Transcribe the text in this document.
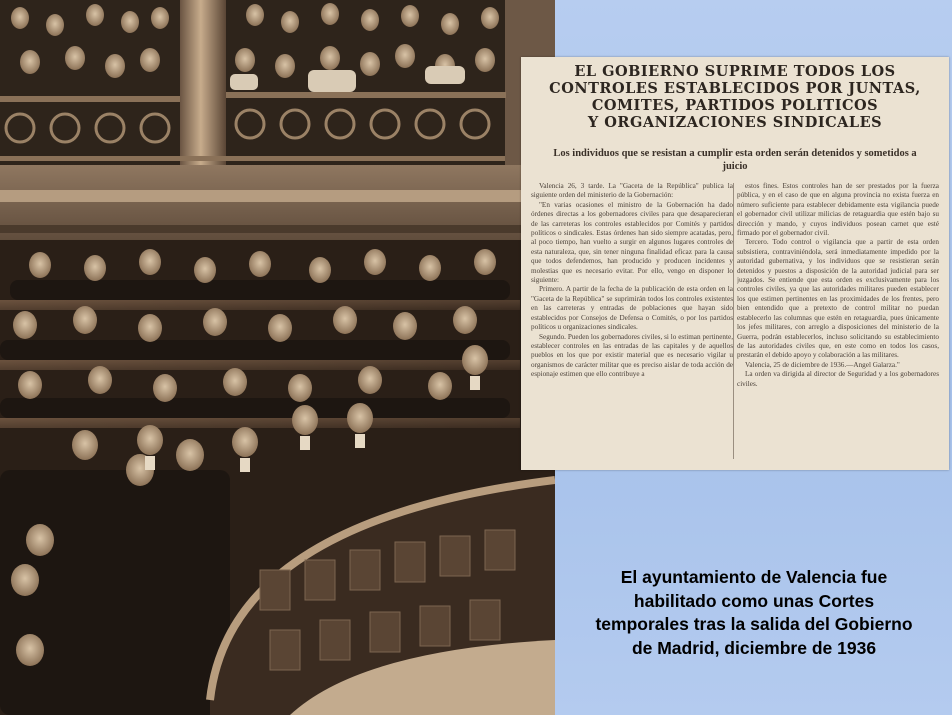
EL GOBIERNO SUPRIME TODOS LOS
CONTROLES ESTABLECIDOS POR JUNTAS,
COMITES, PARTIDOS POLITICOS
Y ORGANIZACIONES SINDICALES
Los individuos que se resistan a cumplir esta orden serán detenidos y sometidos a juicio

Valencia 26, 3 tarde. La "Gaceta de la República" publica la siguiente orden del ministerio de la Gobernación:

"En varias ocasiones el ministro de la Gobernación ha dado órdenes directas a los gobernadores civiles para que desaparecieran de las carreteras los controles establecidos por Comités y partidos políticos o sindicales. Estas órdenes han sido siempre acatadas, pero, al poco tiempo, han vuelto a surgir en algunos lugares controles de esta naturaleza, que, sin tener ninguna finalidad eficaz para la causa que todos defendemos, han producido y producen incidentes y molestias que es necesario evitar. Por ello, vengo en disponer lo siguiente:

Primero. A partir de la fecha de la publicación de esta orden en la "Gaceta de la República" se suprimirán todos los controles existentes en las carreteras y entradas de poblaciones que hayan sido establecidos por Consejos de Defensa o Comités, o por los partidos políticos u organizaciones sindicales.

Segundo. Pueden los gobernadores civiles, si lo estiman pertinente, establecer controles en las entradas de las capitales y de aquellos pueblos en los que por existir material que es necesario vigilar u organismos de carácter militar que es preciso aislar de toda acción de espionaje estimen que ello contribuye a

estos fines. Estos controles han de ser prestados por la fuerza pública, y en el caso de que en alguna provincia no exista fuerza en número suficiente para establecer debidamente esta vigilancia puede el gobernador civil utilizar milicias de retaguardia que estén bajo su dirección y mando, y cuyos individuos posean carnet que esté firmado por el gobernador civil.

Tercero. Todo control o vigilancia que a partir de esta orden subsistiera, contraviniéndola, será inmediatamente impedido por la autoridad gubernativa, y los individuos que se resistieran serán detenidos y puestos a disposición de la autoridad judicial para ser juzgados. Se entiende que esta orden es exclusivamente para los controles civiles, ya que las autoridades militares pueden establecer los que estimen pertinentes en las proximidades de los frentes, pero bien entendido que a pretexto de control militar no puedan establecerlo las columnas que estén en retaguardia, pues únicamente los jefes militares, con arreglo a disposiciones del ministerio de la Guerra, podrán establecerlos, incluso solicitando su establecimiento de las autoridades civiles que, en este como en todos los casos, prestarán el debido apoyo y colaboración a las militares.

Valencia, 25 de diciembre de 1936.—Angel Galarza."

La orden va dirigida al director de Seguridad y a los gobernadores civiles.

El ayuntamiento de Valencia fue
habilitado como unas Cortes
temporales tras la salida del Gobierno
de Madrid, diciembre de 1936
